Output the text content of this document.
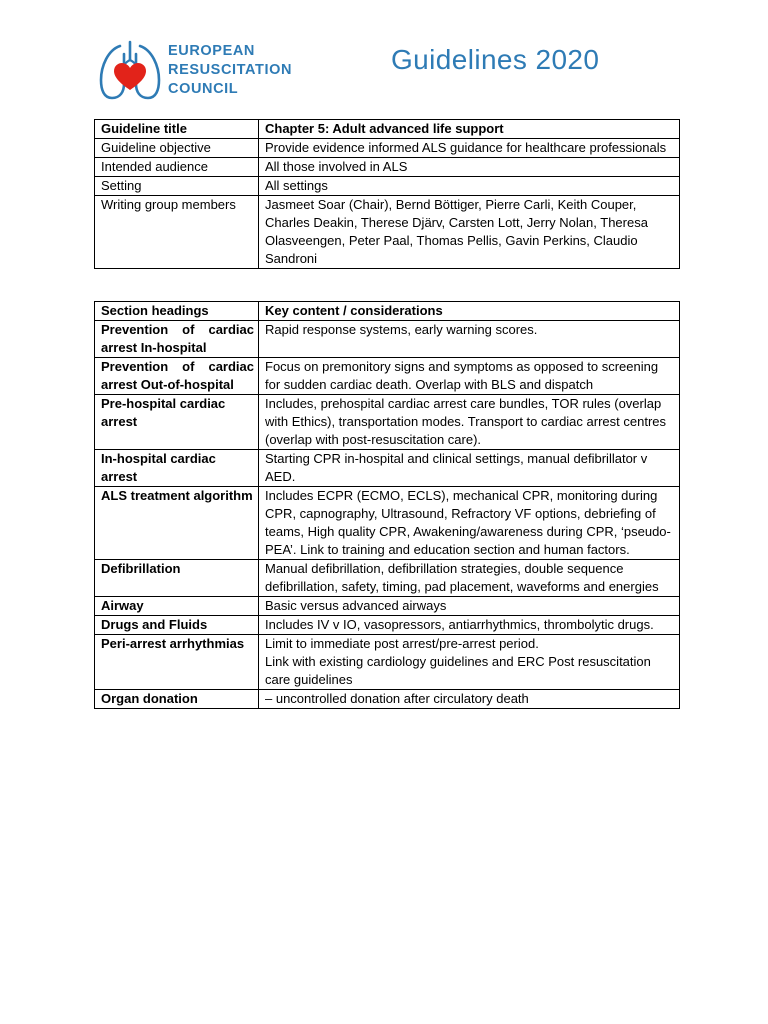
EUROPEAN
RESUSCITATION
COUNCIL
Guidelines 2020
Guideline title	Chapter 5: Adult advanced life support
Guideline objective	Provide evidence informed ALS guidance for healthcare professionals
Intended audience	All those involved in ALS
Setting	All settings
Writing group members	Jasmeet Soar (Chair), Bernd Böttiger, Pierre Carli, Keith Couper, Charles Deakin, Therese Djärv, Carsten Lott, Jerry Nolan, Theresa Olasveengen, Peter Paal, Thomas Pellis, Gavin Perkins, Claudio Sandroni
Section headings	Key content / considerations
Prevention of cardiac arrest In-hospital	Rapid response systems, early warning scores.
Prevention of cardiac arrest Out-of-hospital	Focus on premonitory signs and symptoms as opposed to screening for sudden cardiac death. Overlap with BLS and dispatch
Pre-hospital cardiac arrest	Includes, prehospital cardiac arrest care bundles, TOR rules (overlap with Ethics), transportation modes. Transport to cardiac arrest centres (overlap with post-resuscitation care).
In-hospital cardiac arrest	Starting CPR in-hospital and clinical settings, manual defibrillator v AED.
ALS treatment algorithm	Includes ECPR (ECMO, ECLS), mechanical CPR, monitoring during CPR, capnography, Ultrasound, Refractory VF options, debriefing of teams, High quality CPR, Awakening/awareness during CPR, ‘pseudo-PEA’. Link to training and education section and human factors.
Defibrillation	Manual defibrillation, defibrillation strategies, double sequence defibrillation, safety, timing, pad placement, waveforms and energies
Airway	Basic versus advanced airways
Drugs and Fluids	Includes IV v IO, vasopressors, antiarrhythmics, thrombolytic drugs.
Peri-arrest arrhythmias	Limit to immediate post arrest/pre-arrest period.
Link with existing cardiology guidelines and ERC Post resuscitation care guidelines
Organ donation	– uncontrolled donation after circulatory death
